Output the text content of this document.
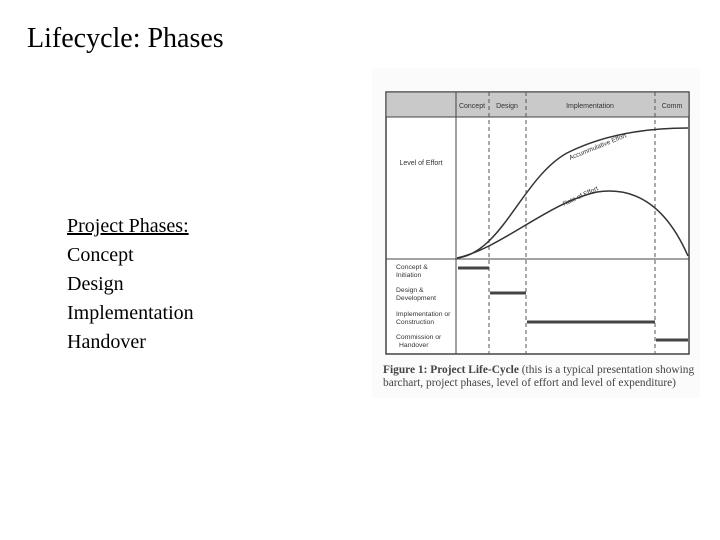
Lifecycle: Phases
Project Phases:
Concept
Design
Implementation
Handover
Concept Design	Implementation	Comm
Level of Effort
Accummulative Effort
Rate of Effort
Concept &
Initiation
Design &
Development
Implementation or
Construction
Commission or
Handover
Figure 1: Project Life-Cycle (this is a typical presentation showing barchart, project phases, level of effort and level of expenditure)
